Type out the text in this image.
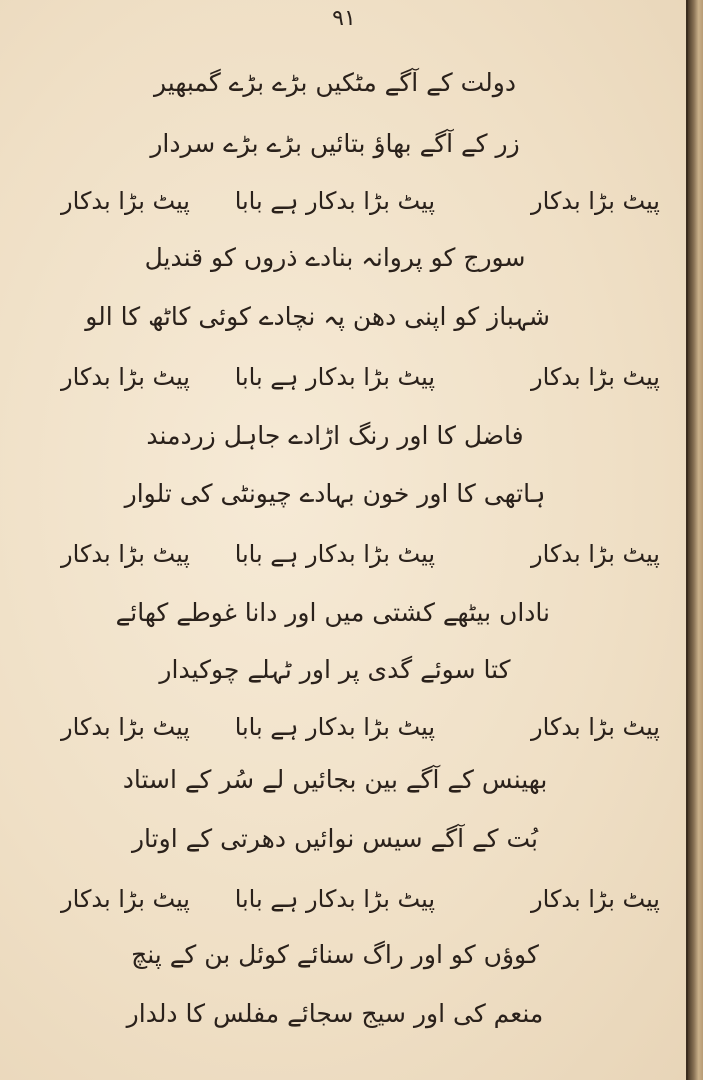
۹۱
دولت کے آگے مٹکیں بڑے بڑے گمبھیر
زر کے آگے بھاؤ بتائیں بڑے بڑے سردار
پیٹ بڑا بدکار
پیٹ بڑا بدکار ہے بابا
پیٹ بڑا بدکار
سورج کو پروانہ بنادے ذروں کو قندیل
شہباز کو اپنی دھن پہ نچادے کوئی کاٹھ کا الو
پیٹ بڑا بدکار
پیٹ بڑا بدکار ہے بابا
پیٹ بڑا بدکار
فاضل کا اور رنگ اڑادے جاہل زردمند
ہاتھی کا اور خون بہادے چیونٹی کی تلوار
پیٹ بڑا بدکار
پیٹ بڑا بدکار ہے بابا
پیٹ بڑا بدکار
ناداں بیٹھے کشتی میں اور دانا غوطے کھائے
کتا سوئے گدی پر اور ٹہلے چوکیدار
پیٹ بڑا بدکار
پیٹ بڑا بدکار ہے بابا
پیٹ بڑا بدکار
بھینس کے آگے بین بجائیں لے سُر کے استاد
بُت کے آگے سیس نوائیں دھرتی کے اوتار
پیٹ بڑا بدکار
پیٹ بڑا بدکار ہے بابا
پیٹ بڑا بدکار
کوؤں کو اور راگ سنائے کوئل بن کے پنچ
منعم کی اور سیج سجائے مفلس کا دلدار
